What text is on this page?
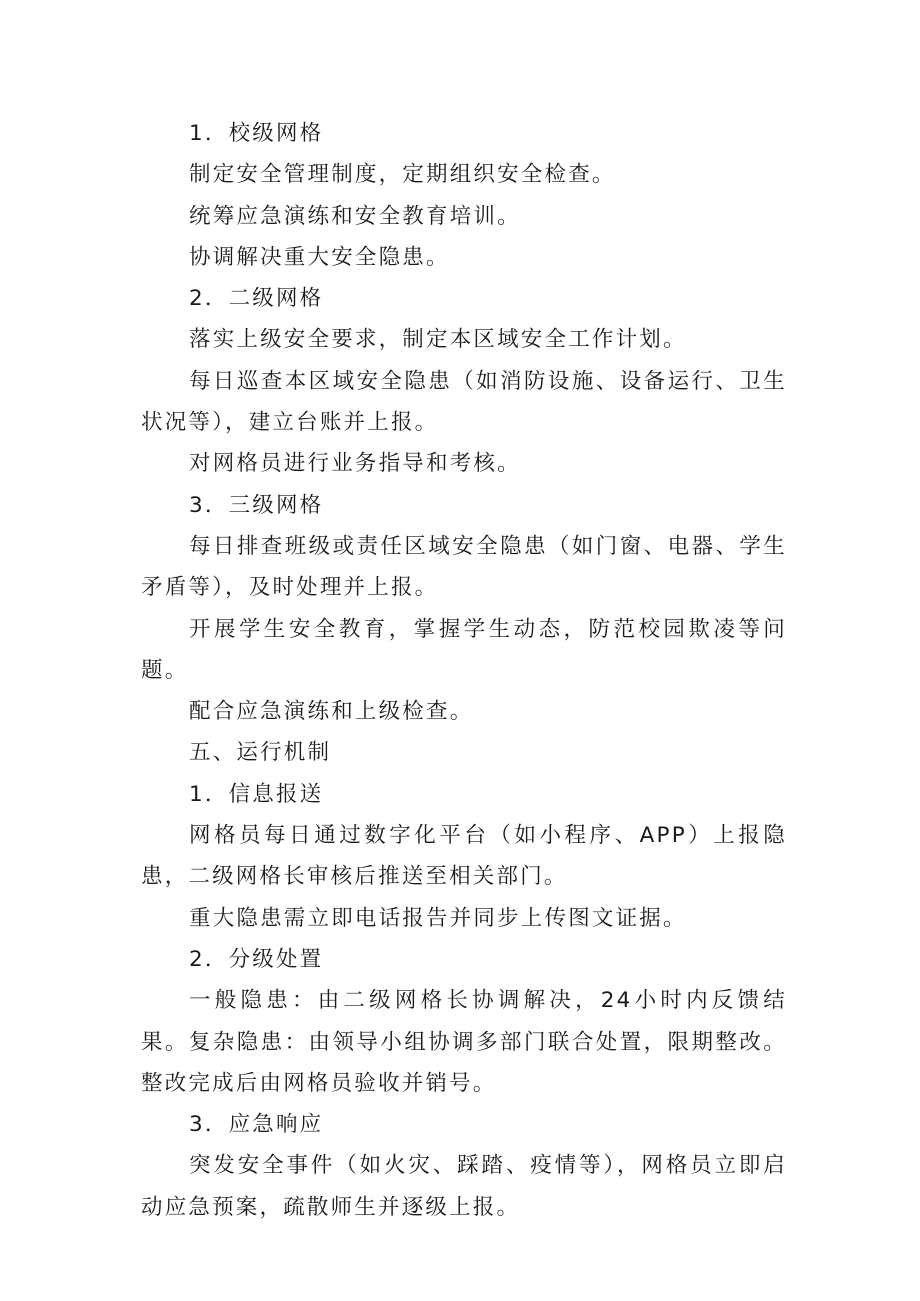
1．校级网格

制定安全管理制度，定期组织安全检查。

统筹应急演练和安全教育培训。

协调解决重大安全隐患。

2．二级网格

落实上级安全要求，制定本区域安全工作计划。

每日巡查本区域安全隐患（如消防设施、设备运行、卫生状况等），建立台账并上报。

对网格员进行业务指导和考核。

3．三级网格

每日排查班级或责任区域安全隐患（如门窗、电器、学生矛盾等），及时处理并上报。

开展学生安全教育，掌握学生动态，防范校园欺凌等问题。

配合应急演练和上级检查。

五、运行机制

1．信息报送

网格员每日通过数字化平台（如小程序、APP）上报隐患，二级网格长审核后推送至相关部门。

重大隐患需立即电话报告并同步上传图文证据。

2．分级处置

一般隐患：由二级网格长协调解决，24小时内反馈结果。复杂隐患：由领导小组协调多部门联合处置，限期整改。整改完成后由网格员验收并销号。

3．应急响应

突发安全事件（如火灾、踩踏、疫情等），网格员立即启动应急预案，疏散师生并逐级上报。
